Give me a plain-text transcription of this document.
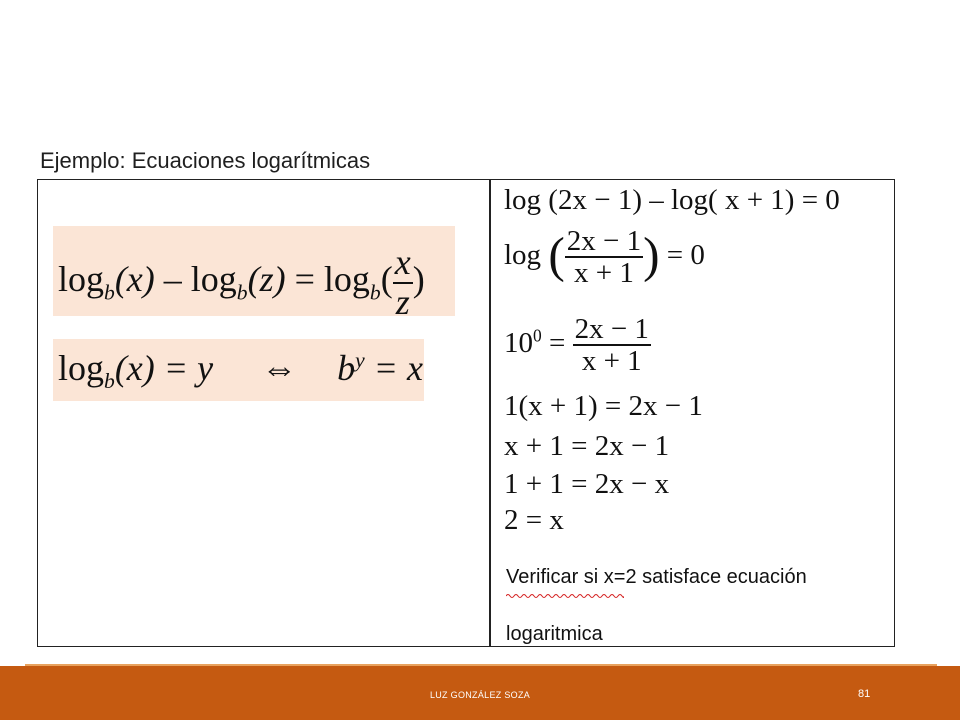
Ejemplo: Ecuaciones logarítmicas
$\log_b(x) - \log_b(z) = \log_b( \frac{x}{z}$ )
$\log_b(x) = y$ ⇔ $b^y = x$
log (2x − 1) – log( x + 1) = 0
log ( $\frac{2x - 1}{x + 1}$ ) = 0
$10^0 = \frac{2x - 1}{x + 1}$
1(x + 1) = 2x − 1
x + 1 = 2x − 1
1 + 1 = 2x − x
2 = x
Verificar si x=2 satisface ecuación
logaritmica
LUZ GONZÁLEZ SOZA	81
